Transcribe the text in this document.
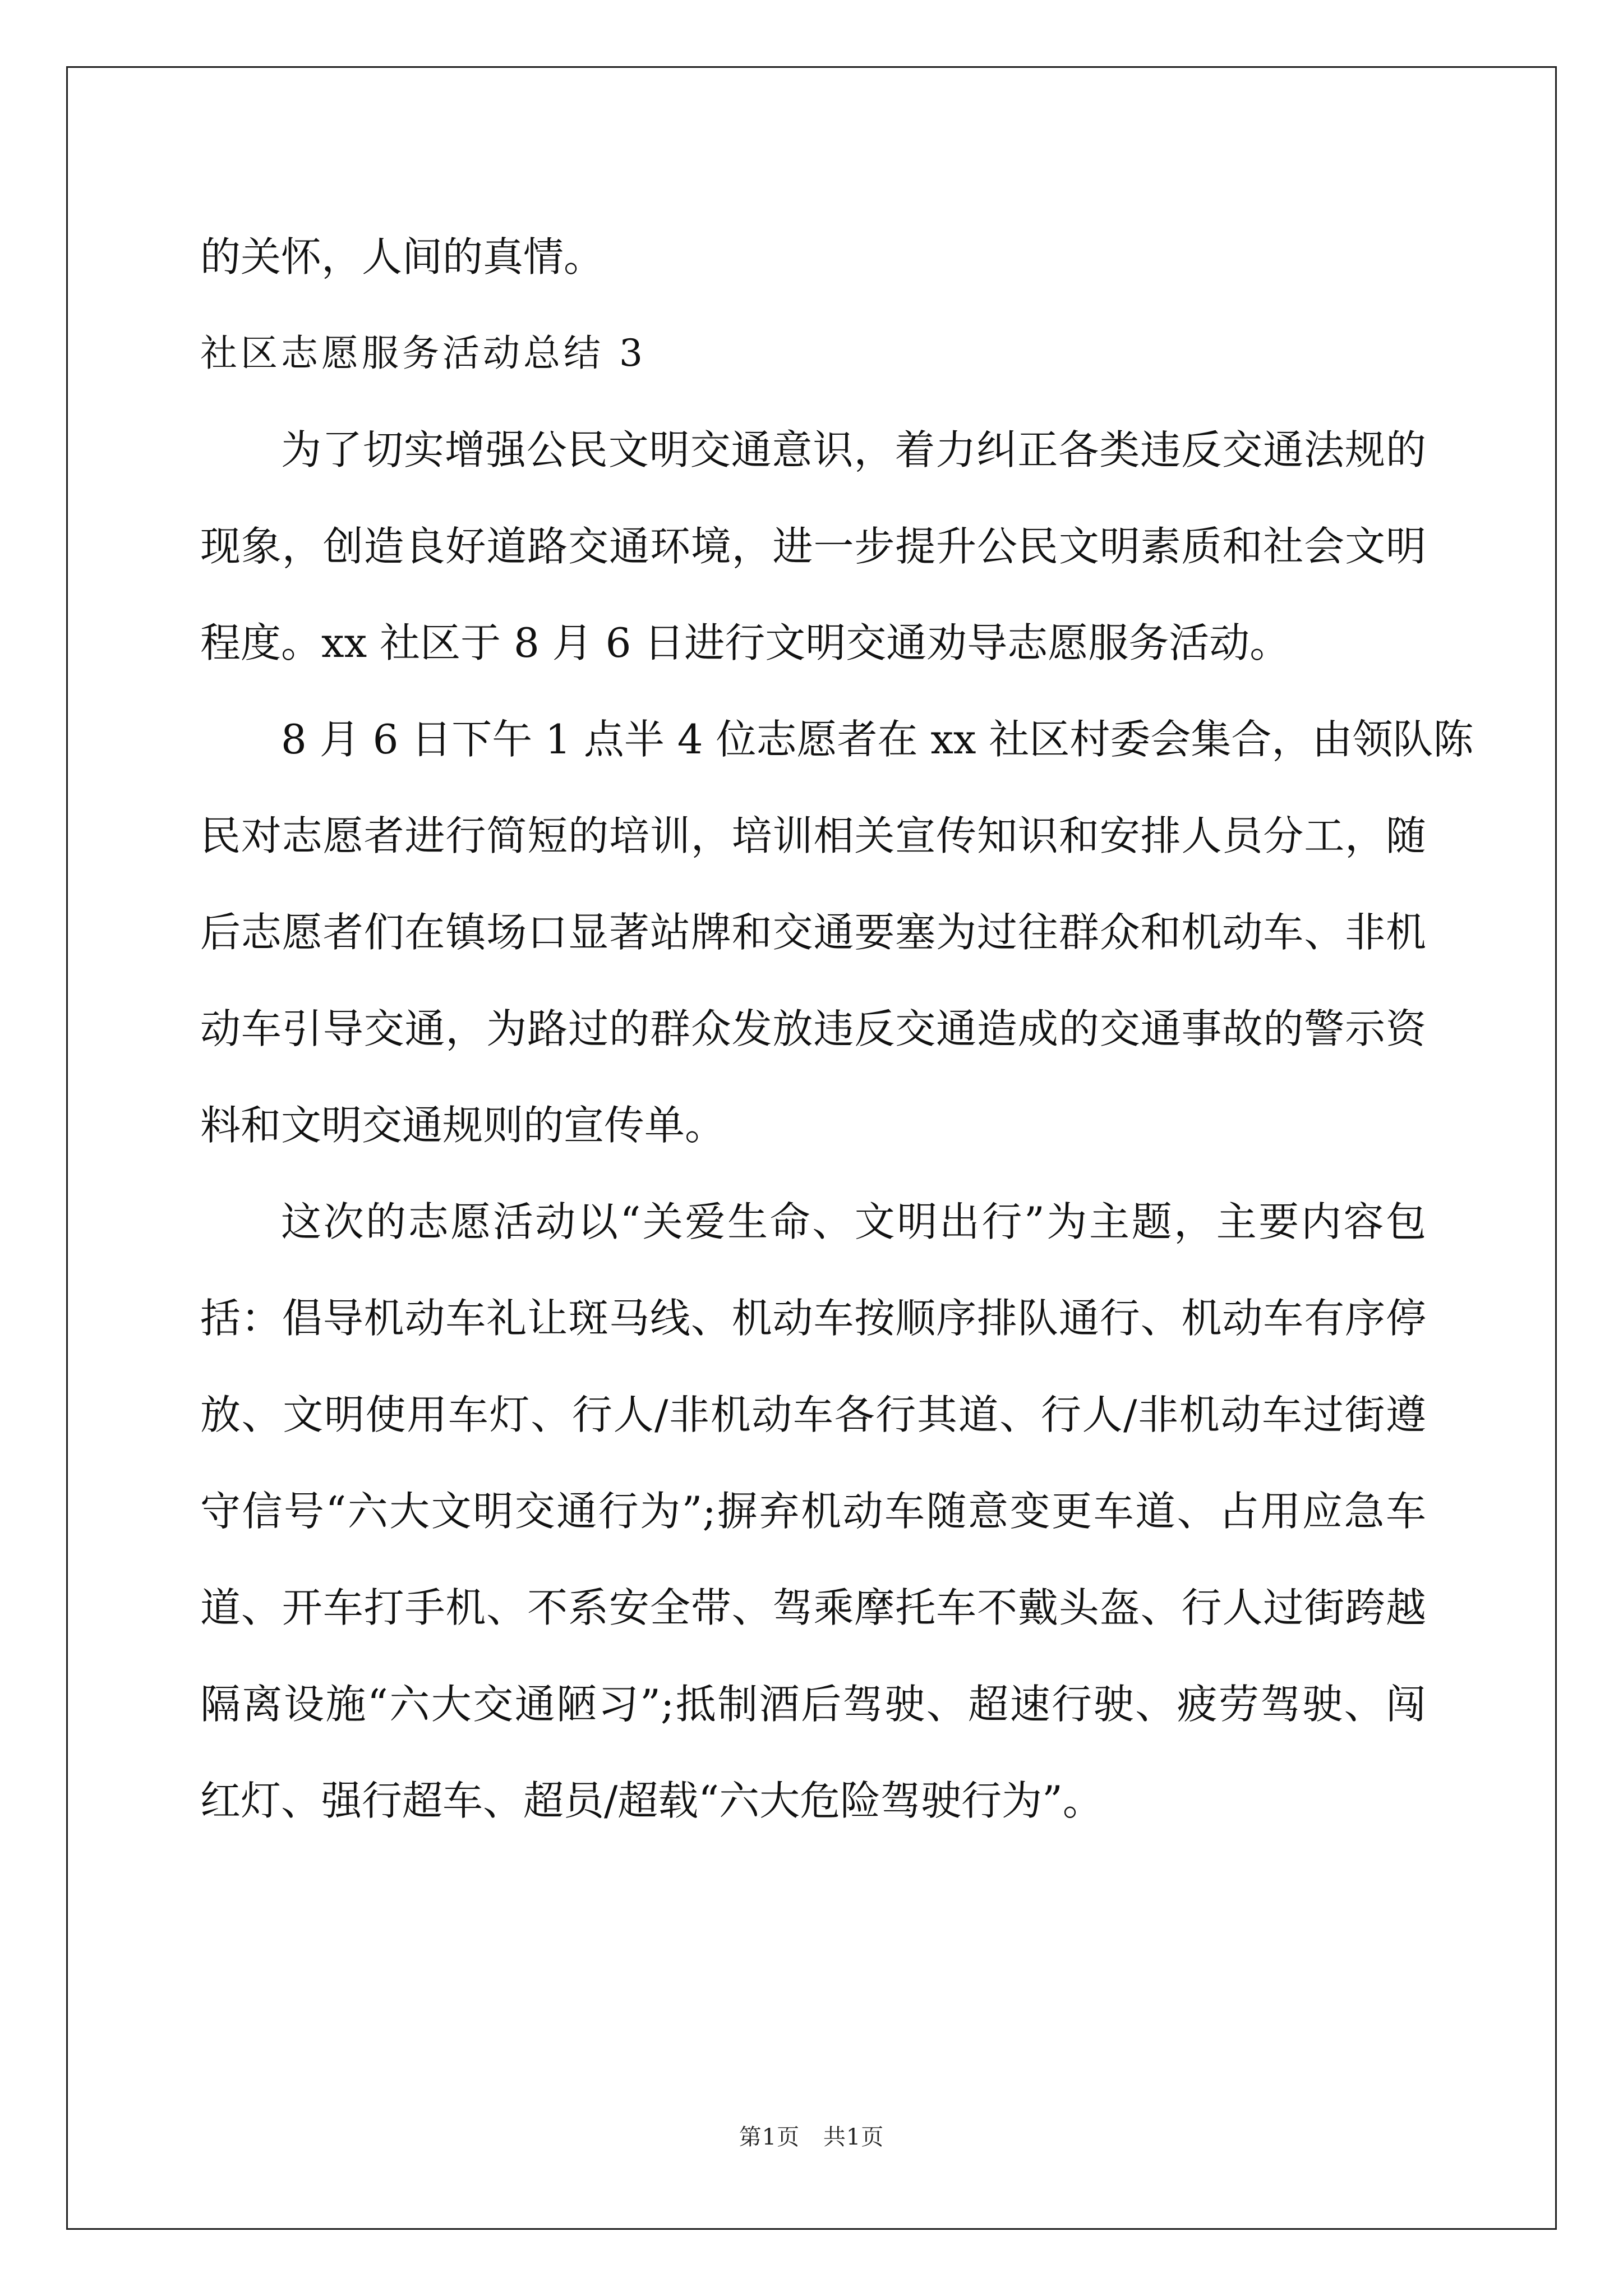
的关怀，人间的真情。
社区志愿服务活动总结 3
为了切实增强公民文明交通意识，着力纠正各类违反交通法规的
现象，创造良好道路交通环境，进一步提升公民文明素质和社会文明
程度。xx 社区于 8 月 6 日进行文明交通劝导志愿服务活动。
8 月 6 日下午 1 点半 4 位志愿者在 xx 社区村委会集合，由领队陈
民对志愿者进行简短的培训，培训相关宣传知识和安排人员分工，随
后志愿者们在镇场口显著站牌和交通要塞为过往群众和机动车、非机
动车引导交通，为路过的群众发放违反交通造成的交通事故的警示资
料和文明交通规则的宣传单。
这次的志愿活动以“关爱生命、文明出行”为主题，主要内容包
括：倡导机动车礼让斑马线、机动车按顺序排队通行、机动车有序停
放、文明使用车灯、行人/非机动车各行其道、行人/非机动车过街遵
守信号“六大文明交通行为”;摒弃机动车随意变更车道、占用应急车
道、开车打手机、不系安全带、驾乘摩托车不戴头盔、行人过街跨越
隔离设施“六大交通陋习”;抵制酒后驾驶、超速行驶、疲劳驾驶、闯
红灯、强行超车、超员/超载“六大危险驾驶行为”。
第1页 共1页
